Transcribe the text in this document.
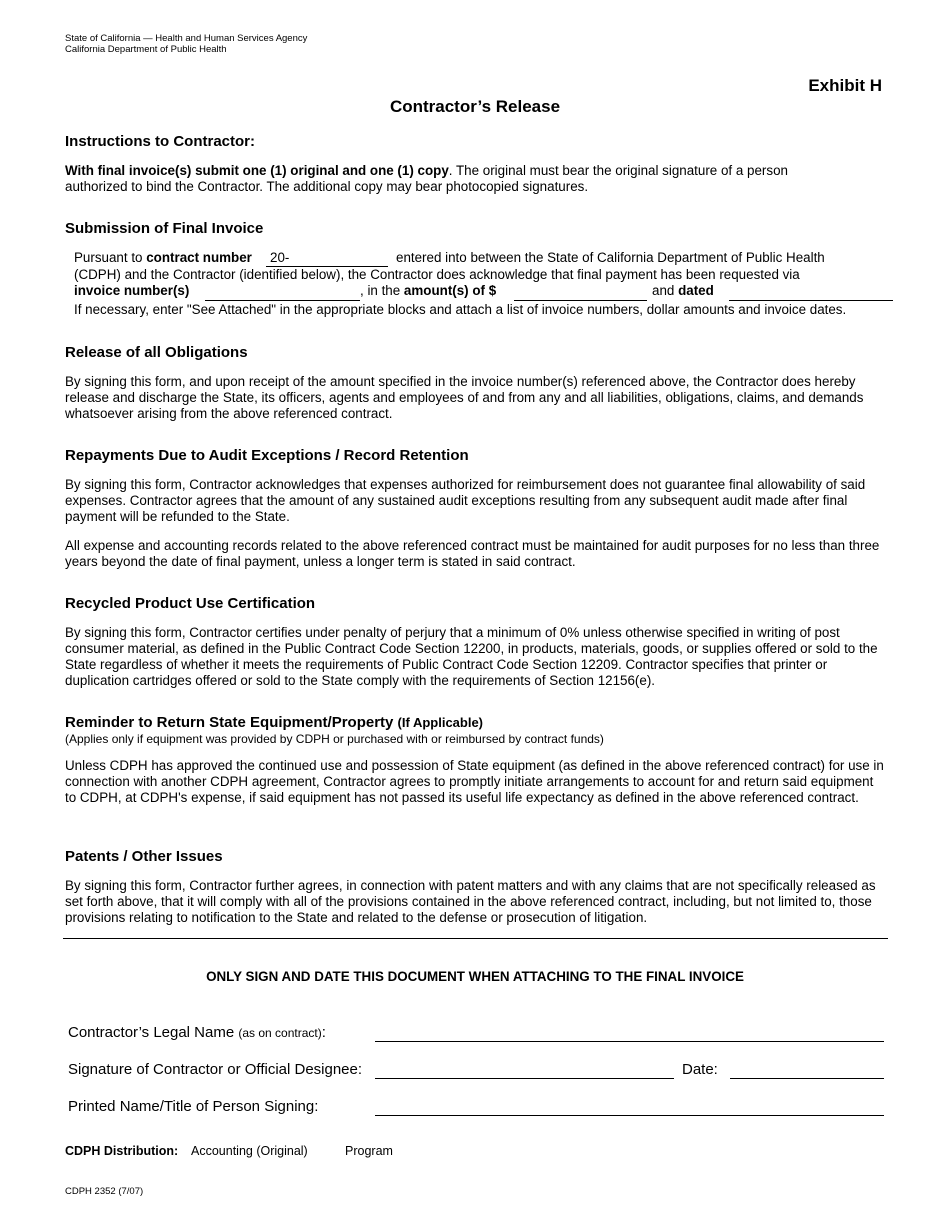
State of California — Health and Human Services Agency
California Department of Public Health
Exhibit H
Contractor’s Release
Instructions to Contractor:
With final invoice(s) submit one (1) original and one (1) copy. The original must bear the original signature of a person
authorized to bind the Contractor. The additional copy may bear photocopied signatures.
Submission of Final Invoice
Pursuant to contract number 20-	entered into between the State of California Department of Public Health
(CDPH) and the Contractor (identified below), the Contractor does acknowledge that final payment has been requested via
invoice number(s)	, in the amount(s) of $	and dated
If necessary, enter "See Attached" in the appropriate blocks and attach a list of invoice numbers, dollar amounts and invoice dates.
Release of all Obligations
By signing this form, and upon receipt of the amount specified in the invoice number(s) referenced above, the Contractor does hereby release and discharge the State, its officers, agents and employees of and from any and all liabilities, obligations, claims, and demands whatsoever arising from the above referenced contract.
Repayments Due to Audit Exceptions / Record Retention
By signing this form, Contractor acknowledges that expenses authorized for reimbursement does not guarantee final allowability of said expenses. Contractor agrees that the amount of any sustained audit exceptions resulting from any subsequent audit made after final payment will be refunded to the State.
All expense and accounting records related to the above referenced contract must be maintained for audit purposes for no less than three years beyond the date of final payment, unless a longer term is stated in said contract.
Recycled Product Use Certification
By signing this form, Contractor certifies under penalty of perjury that a minimum of 0% unless otherwise specified in writing of post consumer material, as defined in the Public Contract Code Section 12200, in products, materials, goods, or supplies offered or sold to the State regardless of whether it meets the requirements of Public Contract Code Section 12209. Contractor specifies that printer or duplication cartridges offered or sold to the State comply with the requirements of Section 12156(e).
Reminder to Return State Equipment/Property (If Applicable)
(Applies only if equipment was provided by CDPH or purchased with or reimbursed by contract funds)
Unless CDPH has approved the continued use and possession of State equipment (as defined in the above referenced contract) for use in connection with another CDPH agreement, Contractor agrees to promptly initiate arrangements to account for and return said equipment to CDPH, at CDPH's expense, if said equipment has not passed its useful life expectancy as defined in the above referenced contract.
Patents / Other Issues
By signing this form, Contractor further agrees, in connection with patent matters and with any claims that are not specifically released as set forth above, that it will comply with all of the provisions contained in the above referenced contract, including, but not limited to, those provisions relating to notification to the State and related to the defense or prosecution of litigation.
ONLY SIGN AND DATE THIS DOCUMENT WHEN ATTACHING TO THE FINAL INVOICE
Contractor’s Legal Name (as on contract):
Signature of Contractor or Official Designee:	Date:
Printed Name/Title of Person Signing:
CDPH Distribution: Accounting (Original)	Program
CDPH 2352 (7/07)
